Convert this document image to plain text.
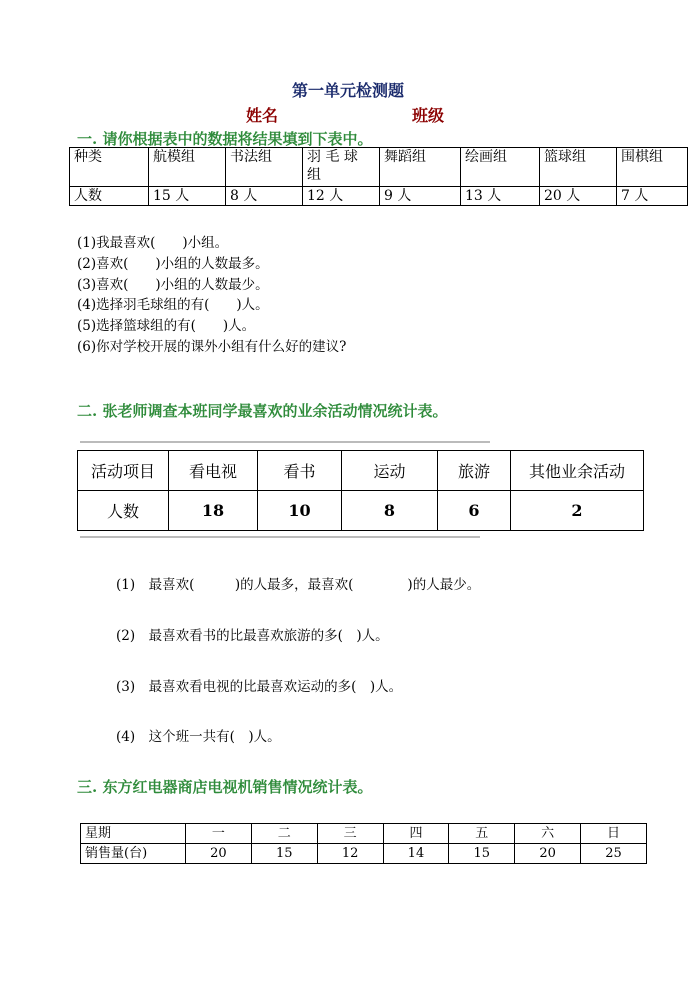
第一单元检测题
姓名	班级
一. 请你根据表中的数据将结果填到下表中。
种类	航模组	书法组	羽 毛 球 组	舞蹈组	绘画组	篮球组	围棋组
人数	15 人	8 人	12 人	9 人	13 人	20 人	7 人
(1)我最喜欢(　　)小组。
(2)喜欢(　　)小组的人数最多。
(3)喜欢(　　)小组的人数最少。
(4)选择羽毛球组的有(　　)人。
(5)选择篮球组的有(　　)人。
(6)你对学校开展的课外小组有什么好的建议?
二. 张老师调查本班同学最喜欢的业余活动情况统计表。
活动项目	看电视	看书	运动	旅游	其他业余活动
人数	18	10	8	6	2
(1)　最喜欢(　　　)的人最多，最喜欢(　　　　)的人最少。
(2)　最喜欢看书的比最喜欢旅游的多(　)人。
(3)　最喜欢看电视的比最喜欢运动的多(　)人。
(4)　这个班一共有(　)人。
三. 东方红电器商店电视机销售情况统计表。
星期	一	二	三	四	五	六	日
销售量(台)	20	15	12	14	15	20	25
